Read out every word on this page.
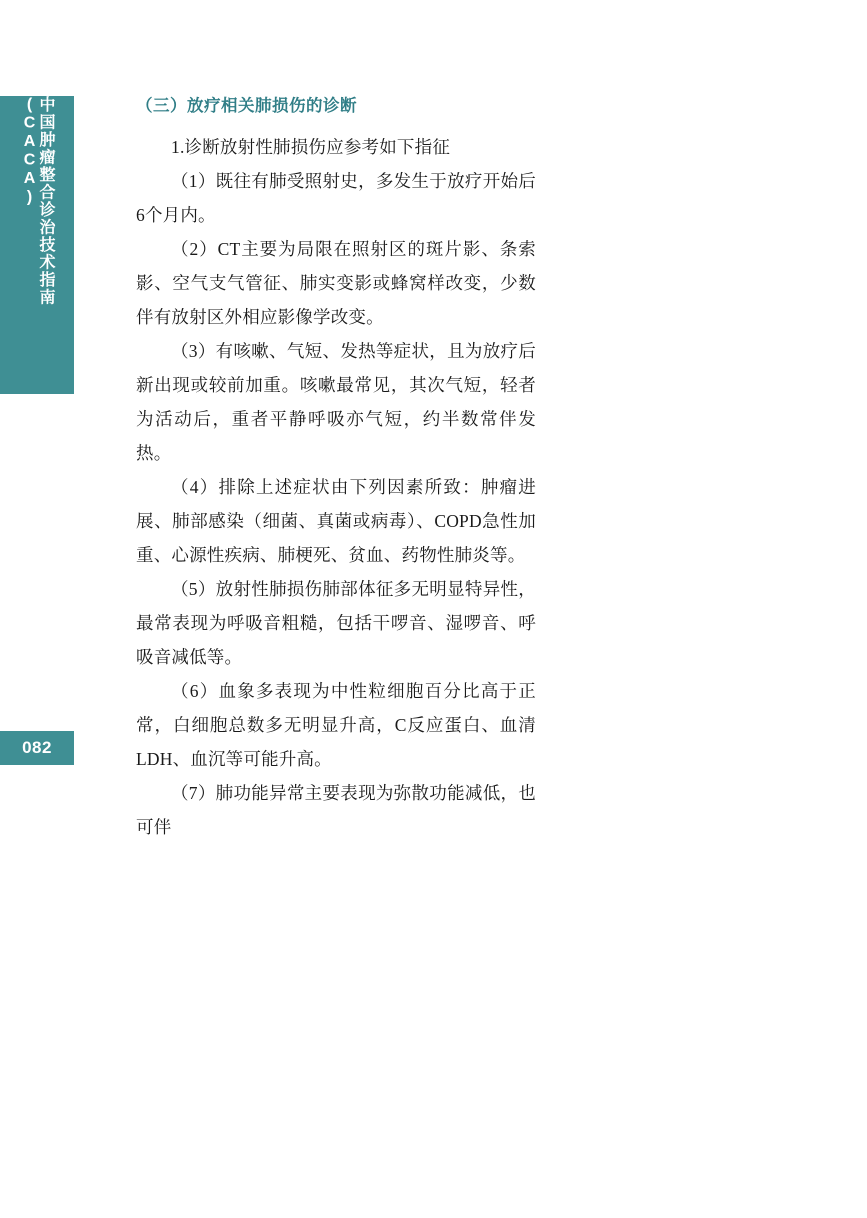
中国肿瘤整合诊治技术指南(CACA)
082
（三）放疗相关肺损伤的诊断

1.诊断放射性肺损伤应参考如下指征

（1）既往有肺受照射史，多发生于放疗开始后6个月内。

（2）CT主要为局限在照射区的斑片影、条索影、空气支气管征、肺实变影或蜂窝样改变，少数伴有放射区外相应影像学改变。

（3）有咳嗽、气短、发热等症状，且为放疗后新出现或较前加重。咳嗽最常见，其次气短，轻者为活动后，重者平静呼吸亦气短，约半数常伴发热。

（4）排除上述症状由下列因素所致：肿瘤进展、肺部感染（细菌、真菌或病毒）、COPD急性加重、心源性疾病、肺梗死、贫血、药物性肺炎等。

（5）放射性肺损伤肺部体征多无明显特异性，最常表现为呼吸音粗糙，包括干啰音、湿啰音、呼吸音减低等。

（6）血象多表现为中性粒细胞百分比高于正常，白细胞总数多无明显升高，C反应蛋白、血清LDH、血沉等可能升高。

（7）肺功能异常主要表现为弥散功能减低，也可伴
